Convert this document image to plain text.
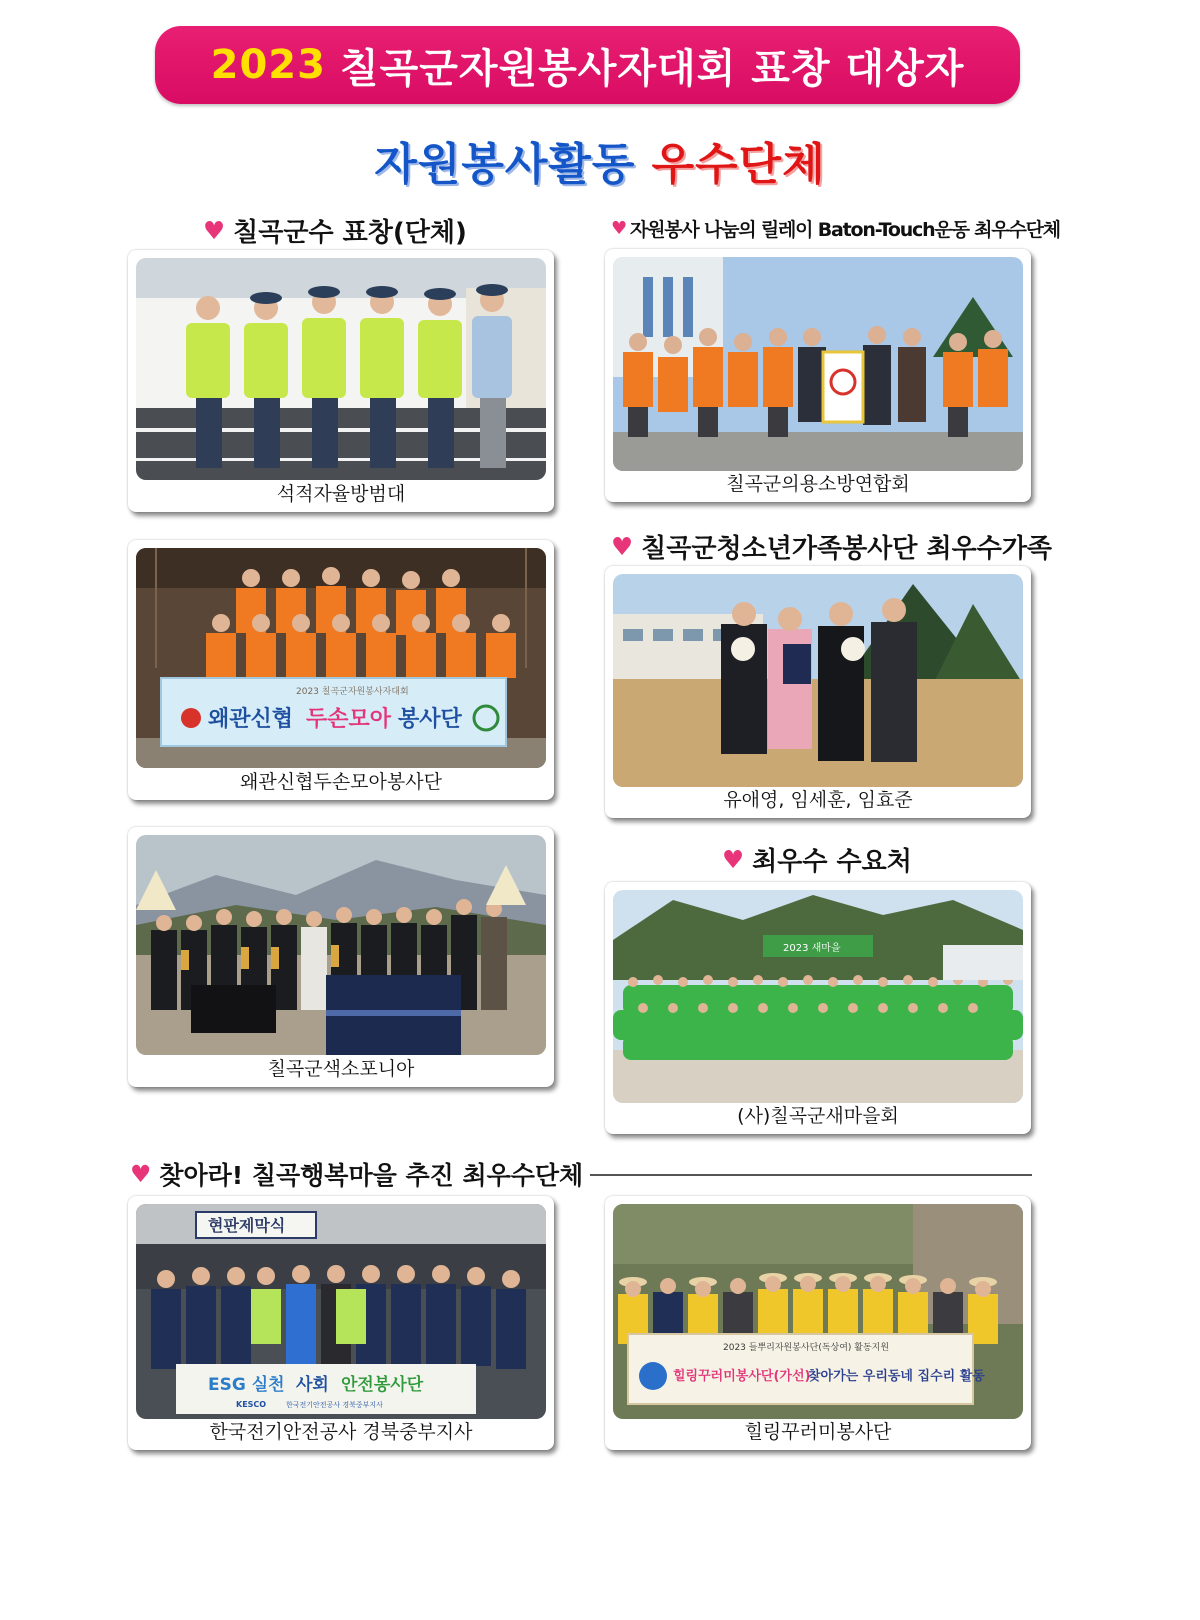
2023 칠곡군자원봉사자대회 표창 대상자
자원봉사활동 우수단체
♥ 칠곡군수 표창(단체)	♥ 자원봉사 나눔의 릴레이 Baton-Touch운동 최우수단체
♥ 칠곡군청소년가족봉사단 최우수가족
♥ 최우수 수요처
♥ 찾아라! 칠곡행복마을 추진 최우수단체
석적자율방범대	칠곡군의용소방연합회
2023 칠곡군자원봉사자대회
왜관신협 두손모아 봉사단
왜관신협두손모아봉사단
유애영, 임세훈, 임효준
칠곡군색소포니아
2023 새마을
(사)칠곡군새마을회
현판제막식
ESG 실천 사회 안전봉사단
KESCO	한국전기안전공사 경북중부지사
한국전기안전공사 경북중부지사
2023 들뿌리자원봉사단(독상여) 활동지원
힐링꾸러미봉사단(가선)
찾아가는 우리동네 집수리 활동
힐링꾸러미봉사단
